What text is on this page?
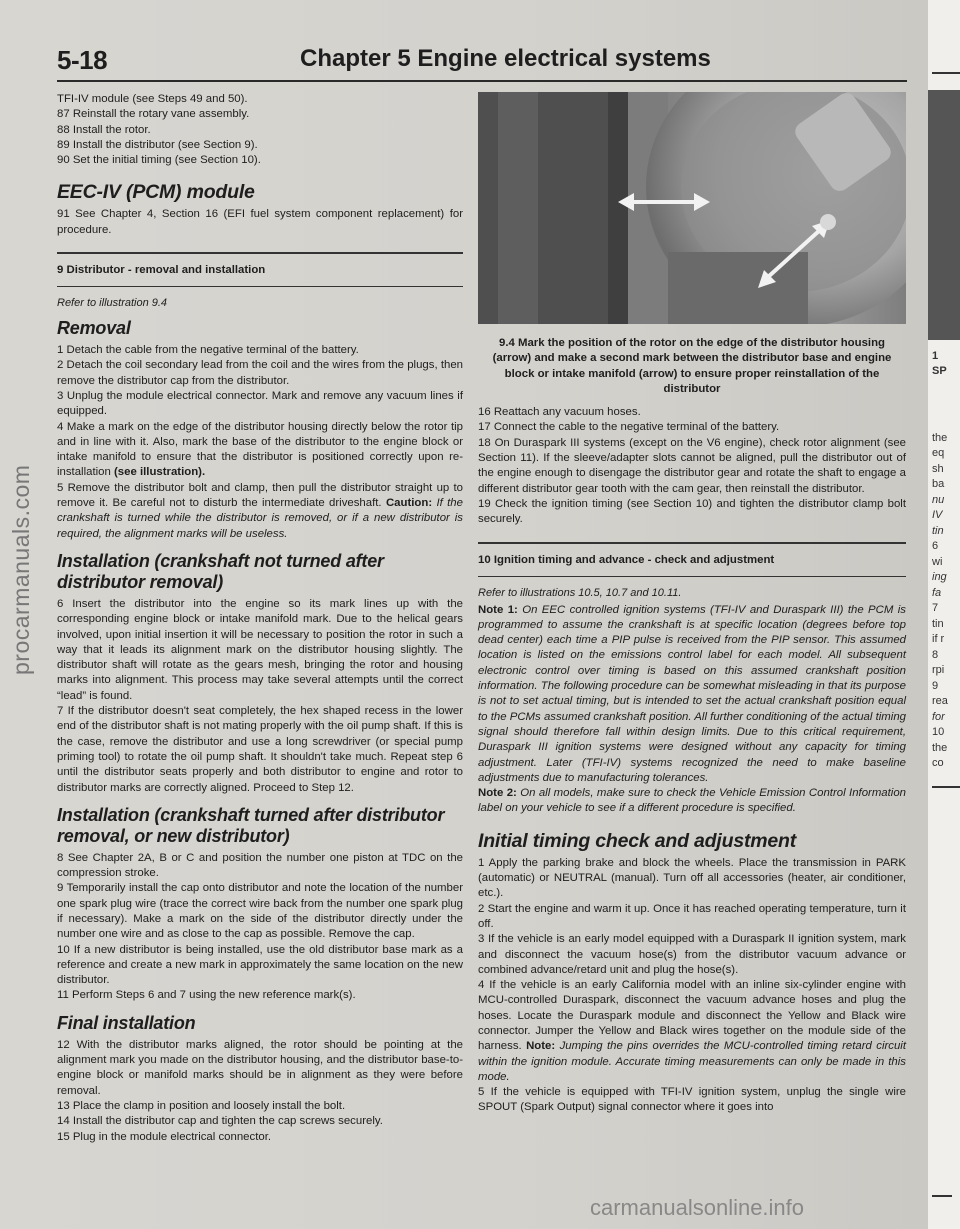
5-18	Chapter 5 Engine electrical systems
TFI-IV module (see Steps 49 and 50).
87 Reinstall the rotary vane assembly.
88 Install the rotor.
89 Install the distributor (see Section 9).
90 Set the initial timing (see Section 10).
EEC-IV (PCM) module
91 See Chapter 4, Section 16 (EFI fuel system component replacement) for procedure.
9 Distributor - removal and installation
Refer to illustration 9.4
Removal
1 Detach the cable from the negative terminal of the battery.
2 Detach the coil secondary lead from the coil and the wires from the plugs, then remove the distributor cap from the distributor.
3 Unplug the module electrical connector. Mark and remove any vacuum lines if equipped.
4 Make a mark on the edge of the distributor housing directly below the rotor tip and in line with it. Also, mark the base of the distributor to the engine block or intake manifold to ensure that the distributor is positioned correctly upon re-installation (see illustration).
5 Remove the distributor bolt and clamp, then pull the distributor straight up to remove it. Be careful not to disturb the intermediate driveshaft. Caution: If the crankshaft is turned while the distributor is removed, or if a new distributor is required, the alignment marks will be useless.
Installation (crankshaft not turned after distributor removal)
6 Insert the distributor into the engine so its mark lines up with the corresponding engine block or intake manifold mark. Due to the helical gears involved, upon initial insertion it will be necessary to position the rotor in such a way that it leads its alignment mark on the distributor housing slightly. The distributor shaft will rotate as the gears mesh, bringing the rotor and housing marks into alignment. This process may take several attempts until the correct “lead” is found.
7 If the distributor doesn't seat completely, the hex shaped recess in the lower end of the distributor shaft is not mating properly with the oil pump shaft. If this is the case, remove the distributor and use a long screwdriver (or special pump priming tool) to rotate the oil pump shaft. It shouldn't take much. Repeat step 6 until the distributor seats properly and both distributor to engine and rotor to distributor marks are correctly aligned. Proceed to Step 12.
Installation (crankshaft turned after distributor removal, or new distributor)
8 See Chapter 2A, B or C and position the number one piston at TDC on the compression stroke.
9 Temporarily install the cap onto distributor and note the location of the number one spark plug wire (trace the correct wire back from the number one spark plug if necessary). Make a mark on the side of the distributor directly under the number one wire and as close to the cap as possible. Remove the cap.
10 If a new distributor is being installed, use the old distributor base mark as a reference and create a new mark in approximately the same location on the new distributor.
11 Perform Steps 6 and 7 using the new reference mark(s).
Final installation
12 With the distributor marks aligned, the rotor should be pointing at the alignment mark you made on the distributor housing, and the distributor base-to-engine block or manifold marks should be in alignment as they were before removal.
13 Place the clamp in position and loosely install the bolt.
14 Install the distributor cap and tighten the cap screws securely.
15 Plug in the module electrical connector.
9.4 Mark the position of the rotor on the edge of the distributor housing (arrow) and make a second mark between the distributor base and engine block or intake manifold (arrow) to ensure proper reinstallation of the distributor
16 Reattach any vacuum hoses.
17 Connect the cable to the negative terminal of the battery.
18 On Duraspark III systems (except on the V6 engine), check rotor alignment (see Section 11). If the sleeve/adapter slots cannot be aligned, pull the distributor out of the engine enough to disengage the distributor gear and rotate the shaft to engage a different distributor gear tooth with the cam gear, then reinstall the distributor.
19 Check the ignition timing (see Section 10) and tighten the distributor clamp bolt securely.
10 Ignition timing and advance - check and adjustment
Refer to illustrations 10.5, 10.7 and 10.11.
Note 1: On EEC controlled ignition systems (TFI-IV and Duraspark III) the PCM is programmed to assume the crankshaft is at specific location (degrees before top dead center) each time a PIP pulse is received from the PIP sensor. This assumed location is listed on the emissions control label for each model. All subsequent electronic control over timing is based on this assumed crankshaft position information. The following procedure can be somewhat misleading in that its purpose is not to set actual timing, but is intended to set the actual crankshaft position equal to the PCMs assumed crankshaft position. All further conditioning of the actual timing signal should therefore fall within design limits. Due to this critical requirement, Duraspark III ignition systems were designed without any capacity for timing adjustment. Later (TFI-IV) systems recognized the need to make baseline adjustments due to manufacturing tolerances.
Note 2: On all models, make sure to check the Vehicle Emission Control Information label on your vehicle to see if a different procedure is specified.
Initial timing check and adjustment
1 Apply the parking brake and block the wheels. Place the transmission in PARK (automatic) or NEUTRAL (manual). Turn off all accessories (heater, air conditioner, etc.).
2 Start the engine and warm it up. Once it has reached operating temperature, turn it off.
3 If the vehicle is an early model equipped with a Duraspark II ignition system, mark and disconnect the vacuum hose(s) from the distributor vacuum advance or combined advance/retard unit and plug the hose(s).
4 If the vehicle is an early California model with an inline six-cylinder engine with MCU-controlled Duraspark, disconnect the vacuum advance hoses and plug the hoses. Locate the Duraspark module and disconnect the Yellow and Black wire connector. Jumper the Yellow and Black wires together on the module side of the harness. Note: Jumping the pins overrides the MCU-controlled timing retard circuit within the ignition module. Accurate timing measurements can only be made in this mode.
5 If the vehicle is equipped with TFI-IV ignition system, unplug the single wire SPOUT (Spark Output) signal connector where it goes into
1
SP
the
eq
sh
ba
nu
IV
tin
6
wi
ing
fa
7
tin
if r
8
rpi
9
rea
for
10
the
co
procarmanuals.com
carmanualsonline.info
